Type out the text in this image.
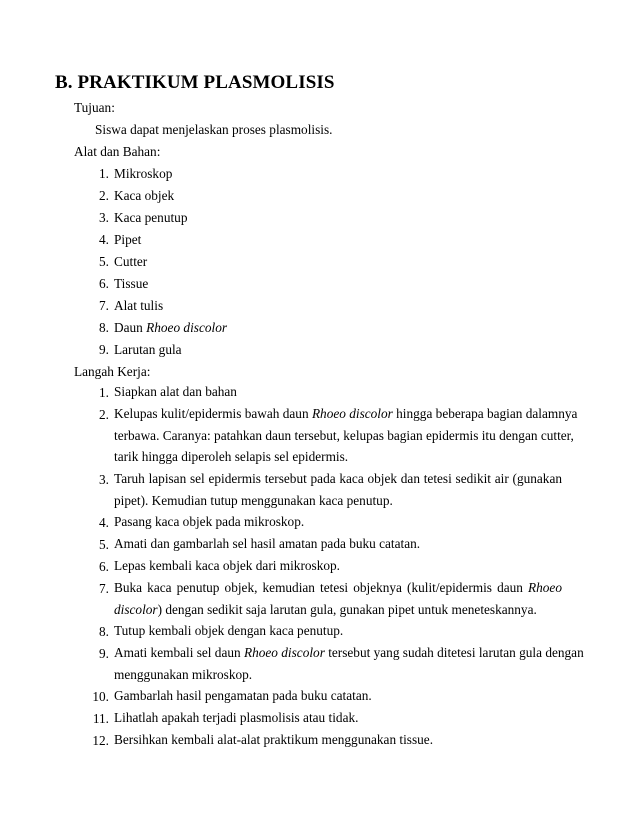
B. PRAKTIKUM PLASMOLISIS
Tujuan:
Siswa dapat menjelaskan proses plasmolisis.
Alat dan Bahan:
1. Mikroskop
2. Kaca objek
3. Kaca penutup
4. Pipet
5. Cutter
6. Tissue
7. Alat tulis
8. Daun Rhoeo discolor
9. Larutan gula
Langah Kerja:
1. Siapkan alat dan bahan
2. Kelupas kulit/epidermis bawah daun Rhoeo discolor hingga beberapa bagian dalamnya
terbawa. Caranya: patahkan daun tersebut, kelupas bagian epidermis itu dengan cutter,
tarik hingga diperoleh selapis sel epidermis.
3. Taruh lapisan sel epidermis tersebut pada kaca objek dan tetesi sedikit air (gunakan
pipet). Kemudian tutup menggunakan kaca penutup.
4. Pasang kaca objek pada mikroskop.
5. Amati dan gambarlah sel hasil amatan pada buku catatan.
6. Lepas kembali kaca objek dari mikroskop.
7. Buka kaca penutup objek, kemudian tetesi objeknya (kulit/epidermis daun Rhoeo
discolor) dengan sedikit saja larutan gula, gunakan pipet untuk meneteskannya.
8. Tutup kembali objek dengan kaca penutup.
9. Amati kembali sel daun Rhoeo discolor tersebut yang sudah ditetesi larutan gula dengan
menggunakan mikroskop.
10. Gambarlah hasil pengamatan pada buku catatan.
11. Lihatlah apakah terjadi plasmolisis atau tidak.
12. Bersihkan kembali alat-alat praktikum menggunakan tissue.
